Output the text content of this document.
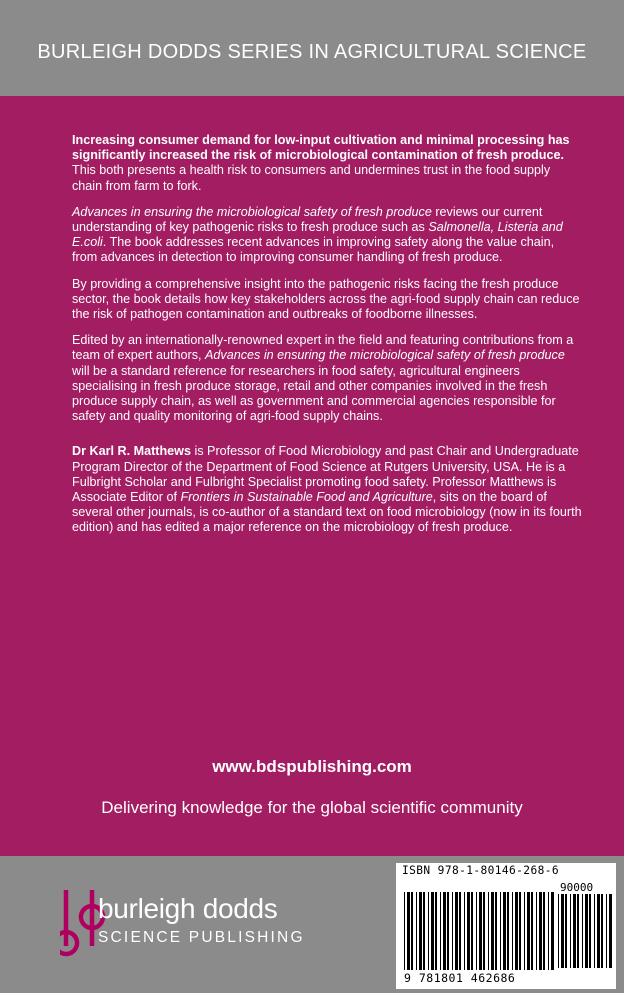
BURLEIGH DODDS SERIES IN AGRICULTURAL SCIENCE

Increasing consumer demand for low-input cultivation and minimal processing has significantly increased the risk of microbiological contamination of fresh produce. This both presents a health risk to consumers and undermines trust in the food supply chain from farm to fork.

Advances in ensuring the microbiological safety of fresh produce reviews our current understanding of key pathogenic risks to fresh produce such as Salmonella, Listeria and E.coli. The book addresses recent advances in improving safety along the value chain, from advances in detection to improving consumer handling of fresh produce.

By providing a comprehensive insight into the pathogenic risks facing the fresh produce sector, the book details how key stakeholders across the agri-food supply chain can reduce the risk of pathogen contamination and outbreaks of foodborne illnesses.

Edited by an internationally-renowned expert in the field and featuring contributions from a team of expert authors, Advances in ensuring the microbiological safety of fresh produce will be a standard reference for researchers in food safety, agricultural engineers specialising in fresh produce storage, retail and other companies involved in the fresh produce supply chain, as well as government and commercial agencies responsible for safety and quality monitoring of agri-food supply chains.

Dr Karl R. Matthews is Professor of Food Microbiology and past Chair and Undergraduate Program Director of the Department of Food Science at Rutgers University, USA. He is a Fulbright Scholar and Fulbright Specialist promoting food safety. Professor Matthews is Associate Editor of Frontiers in Sustainable Food and Agriculture, sits on the board of several other journals, is co-author of a standard text on food microbiology (now in its fourth edition) and has edited a major reference on the microbiology of fresh produce.

www.bdspublishing.com
Delivering knowledge for the global scientific community
burleigh dodds
SCIENCE PUBLISHING
ISBN 978-1-80146-268-6
90000
9 781801 462686
